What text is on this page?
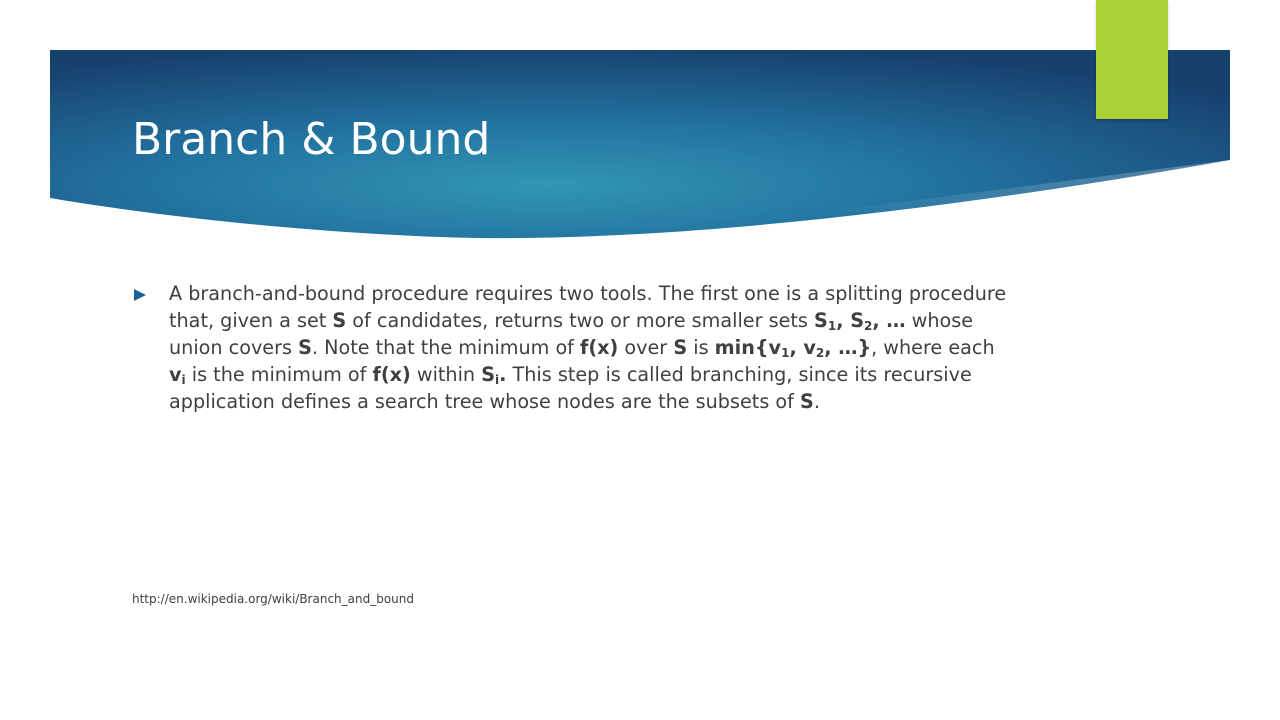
Branch & Bound

A branch-and-bound procedure requires two tools. The first one is a splitting procedure that, given a set S of candidates, returns two or more smaller sets $S_1$, $S_2$, … whose union covers S. Note that the minimum of f(x) over S is $\min\{v_1$, $v_2$, …}, where each $v_i$ is the minimum of f(x) within $S_i$. This step is called branching, since its recursive application defines a search tree whose nodes are the subsets of S.

http://en.wikipedia.org/wiki/Branch_and_bound
